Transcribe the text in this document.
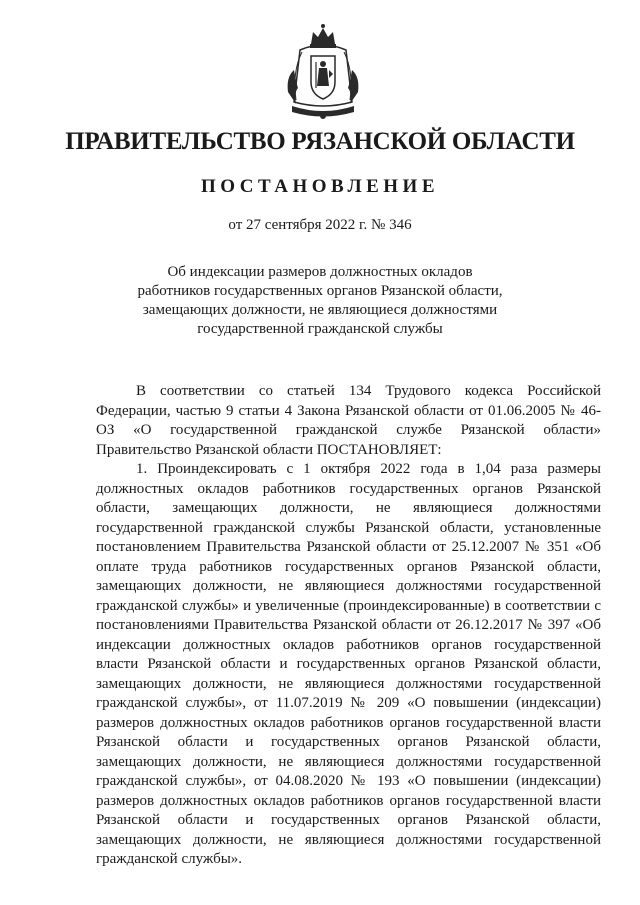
ПРАВИТЕЛЬСТВО РЯЗАНСКОЙ ОБЛАСТИ
ПОСТАНОВЛЕНИЕ
от 27 сентября 2022 г. № 346
Об индексации размеров должностных окладов
работников государственных органов Рязанской области,
замещающих должности, не являющиеся должностями
государственной гражданской службы

В соответствии со статьей 134 Трудового кодекса Российской Федерации, частью 9 статьи 4 Закона Рязанской области от 01.06.2005 № 46-ОЗ «О государственной гражданской службе Рязанской области» Правительство Рязанской области ПОСТАНОВЛЯЕТ:

1. Проиндексировать с 1 октября 2022 года в 1,04 раза размеры должностных окладов работников государственных органов Рязанской области, замещающих должности, не являющиеся должностями государственной гражданской службы Рязанской области, установленные постановлением Правительства Рязанской области от 25.12.2007 № 351 «Об оплате труда работников государственных органов Рязанской области, замещающих должности, не являющиеся должностями государственной гражданской службы» и увеличенные (проиндексированные) в соответствии с постановлениями Правительства Рязанской области от 26.12.2017 № 397 «Об индексации должностных окладов работников органов государственной власти Рязанской области и государственных органов Рязанской области, замещающих должности, не являющиеся должностями государственной гражданской службы», от 11.07.2019 № 209 «О повышении (индексации) размеров должностных окладов работников органов государственной власти Рязанской области и государственных органов Рязанской области, замещающих должности, не являющиеся должностями государственной гражданской службы», от 04.08.2020 № 193 «О повышении (индексации) размеров должностных окладов работников органов государственной власти Рязанской области и государственных органов Рязанской области, замещающих должности, не являющиеся должностями государственной гражданской службы».
